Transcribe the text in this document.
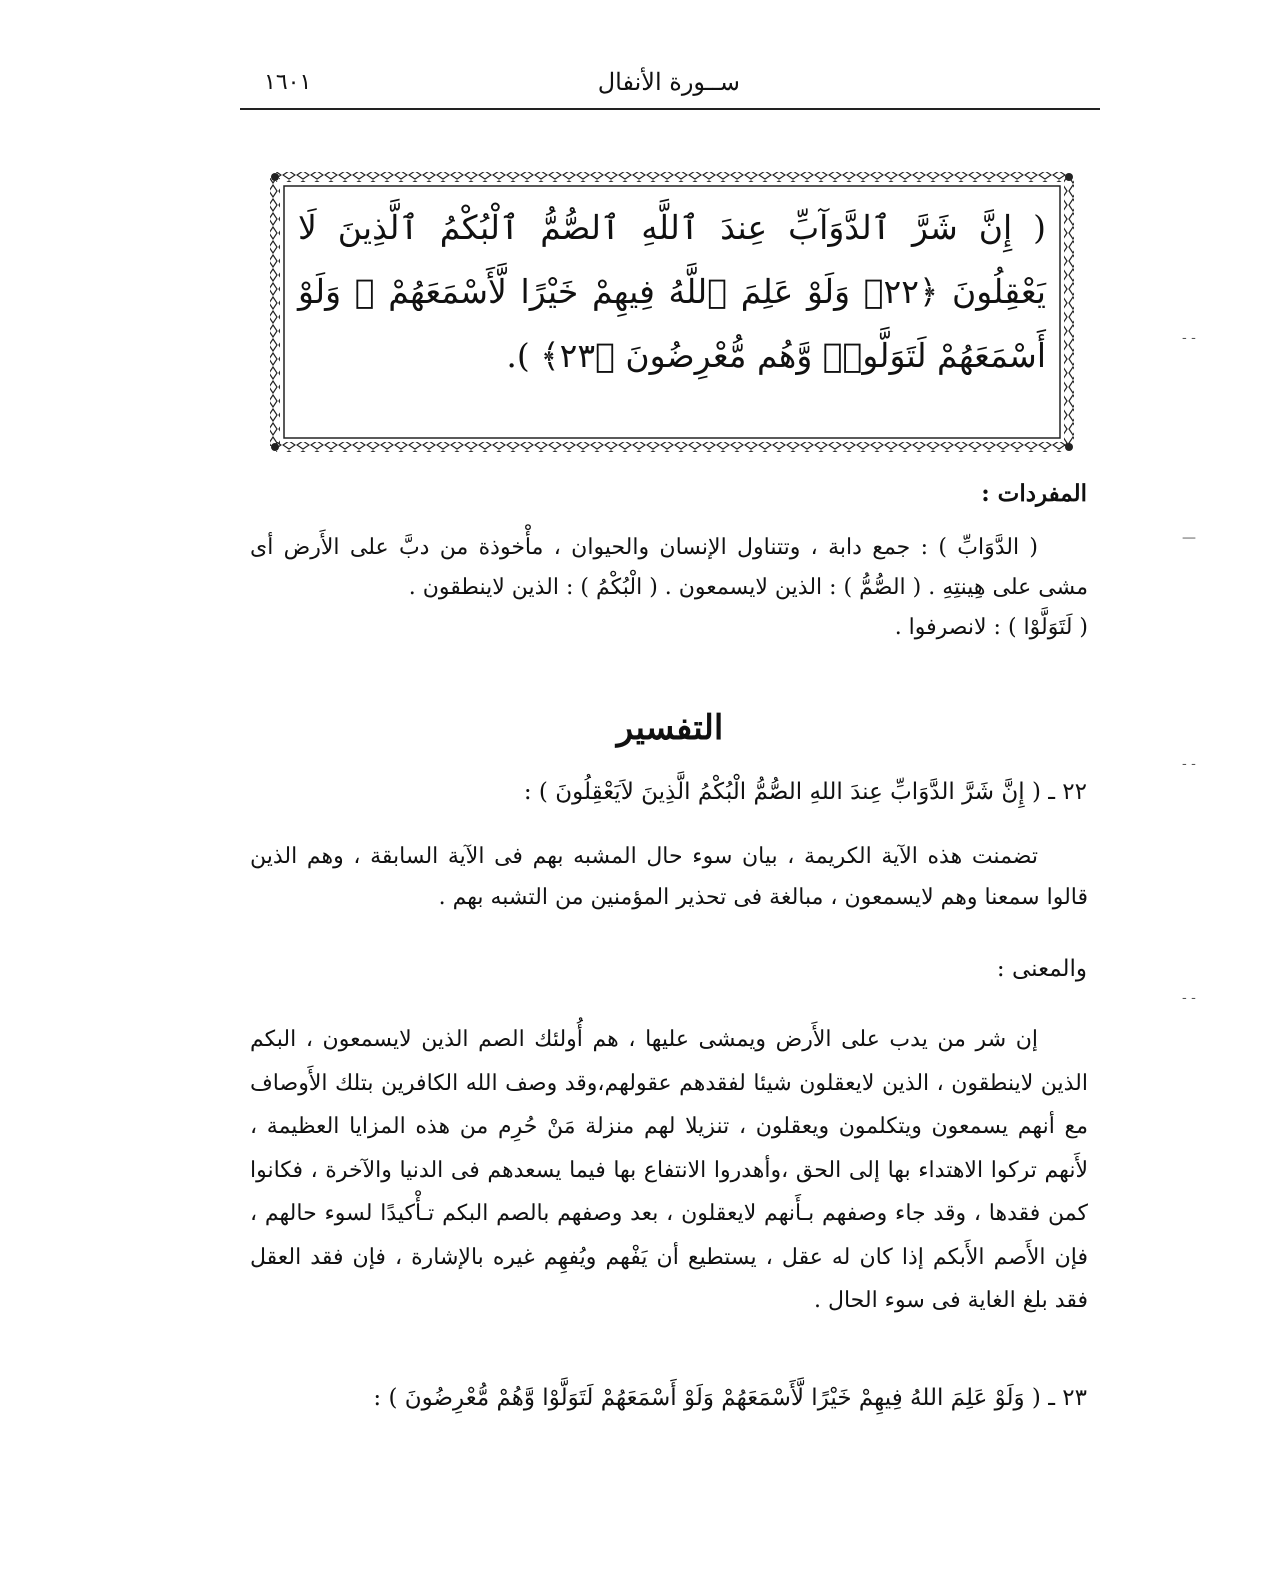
ســورة الأنفال
١٦٠١
( إِنَّ شَرَّ ٱلدَّوَآبِّ عِندَ ٱللَّهِ ٱلصُّمُّ ٱلْبُكْمُ ٱلَّذِينَ لَا يَعْقِلُونَ ﴿٢٢﴾ وَلَوْ عَلِمَ ٱللَّهُ فِيهِمْ خَيْرًا لَّأَسْمَعَهُمْ ۖ وَلَوْ أَسْمَعَهُمْ لَتَوَلَّوا۟ وَّهُم مُّعْرِضُونَ ﴿٢٣﴾ ).
المفردات :

( الدَّوَابِّ ) : جمع دابة ، وتتناول الإنسان والحيوان ، مأْخوذة من دبَّ على الأَرض أى مشى على هِينتِهِ . ( الصُّمُّ ) : الذين لايسمعون . ( الْبُكْمُ ) : الذين لاينطقون .

( لَتَوَلَّوْا ) : لانصرفوا .

التفسير
٢٢ ـ ( إِنَّ شَرَّ الدَّوَابِّ عِندَ اللهِ الصُّمُّ الْبُكْمُ الَّذِينَ لاَيَعْقِلُونَ ) :

تضمنت هذه الآية الكريمة ، بيان سوء حال المشبه بهم فى الآية السابقة ، وهم الذين قالوا سمعنا وهم لايسمعون ، مبالغة فى تحذير المؤمنين من التشبه بهم .

والمعنى :

إن شر من يدب على الأَرض ويمشى عليها ، هم أُولئك الصم الذين لايسمعون ، البكم الذين لاينطقون ، الذين لايعقلون شيئا لفقدهم عقولهم،وقد وصف الله الكافرين بتلك الأَوصاف مع أنهم يسمعون ويتكلمون ويعقلون ، تنزيلا لهم منزلة مَنْ حُرِم من هذه المزايا العظيمة ، لأَنهم تركوا الاهتداء بها إلى الحق ،وأهدروا الانتفاع بها فيما يسعدهم فى الدنيا والآخرة ، فكانوا كمن فقدها ، وقد جاء وصفهم بـأَنهم لايعقلون ، بعد وصفهم بالصم البكم تـأْكيدًا لسوء حالهم ، فإن الأَصم الأَبكم إذا كان له عقل ، يستطيع أن يَفْهم ويُفهِم غيره بالإشارة ، فإن فقد العقل فقد بلغ الغاية فى سوء الحال .

٢٣ ـ ( وَلَوْ عَلِمَ اللهُ فِيهِمْ خَيْرًا لَّأَسْمَعَهُمْ وَلَوْ أَسْمَعَهُمْ لَتَوَلَّوْا وَّهُمْ مُّعْرِضُونَ ) :
- -
—
- -
- -
